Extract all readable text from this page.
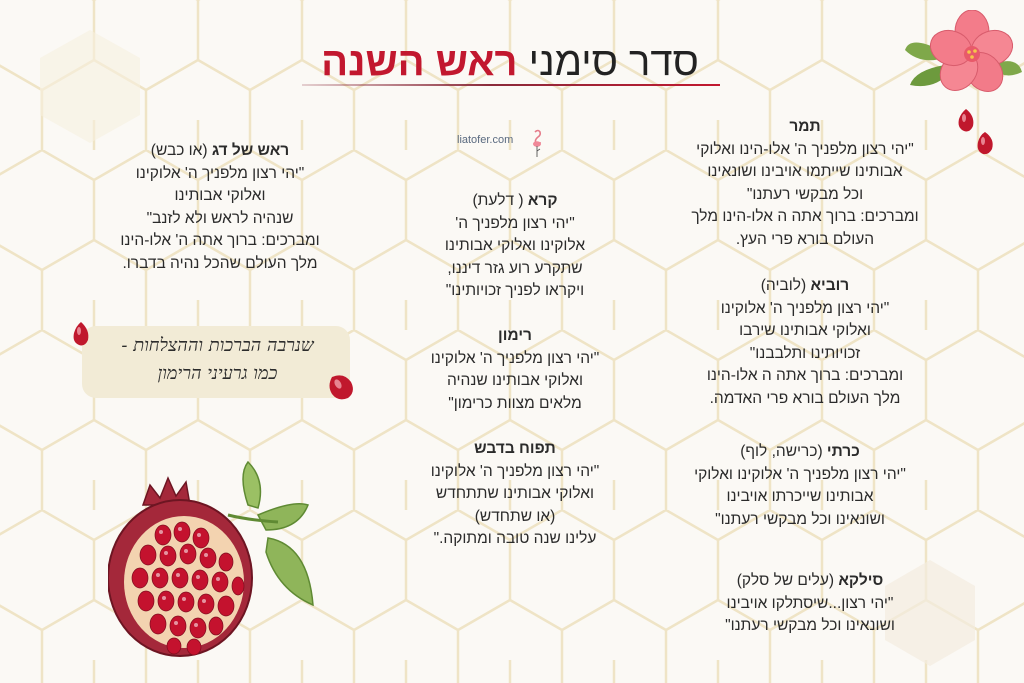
סדר סימני ראש השנה
liatofer.com
תמר
"יהי רצון מלפניך ה' אלו-הינו ואלוקי
אבותינו שייתמו אויבינו ושונאינו
וכל מבקשי רעתנו"
ומברכים: ברוך אתה ה אלו-הינו מלך
העולם בורא פרי העץ.
רוביא (לוביה)
"יהי רצון מלפניך ה' אלוקינו
ואלוקי אבותינו שירבו
זכויותינו ותלבבנו"
ומברכים: ברוך אתה ה אלו-הינו
מלך העולם בורא פרי האדמה.
כרתי (כרישה, לוף)
"יהי רצון מלפניך ה' אלוקינו ואלוקי
אבותינו שייכרתו אויבינו
ושונאינו וכל מבקשי רעתנו"
סילקא (עלים של סלק)
"יהי רצון...שיסתלקו אויבינו
ושונאינו וכל מבקשי רעתנו"
קרא ( דלעת)
"יהי רצון מלפניך ה'
אלוקינו ואלוקי אבותינו
שתקרע רוע גזר דיננו,
ויקראו לפניך זכויותינו"
רימון
"יהי רצון מלפניך ה' אלוקינו
ואלוקי אבותינו שנהיה
מלאים מצוות כרימון"
תפוח בדבש
"יהי רצון מלפניך ה' אלוקינו
ואלוקי אבותינו שתתחדש
(או שתחדש)
עלינו שנה טובה ומתוקה."
ראש של דג (או כבש)
"יהי רצון מלפניך ה' אלוקינו
ואלוקי אבותינו
שנהיה לראש ולא לזנב"
ומברכים: ברוך אתה ה' אלו-הינו
מלך העולם שהכל נהיה בדברו.
שנרבה הברכות וההצלחות -
כמו גרעיני הרימון
